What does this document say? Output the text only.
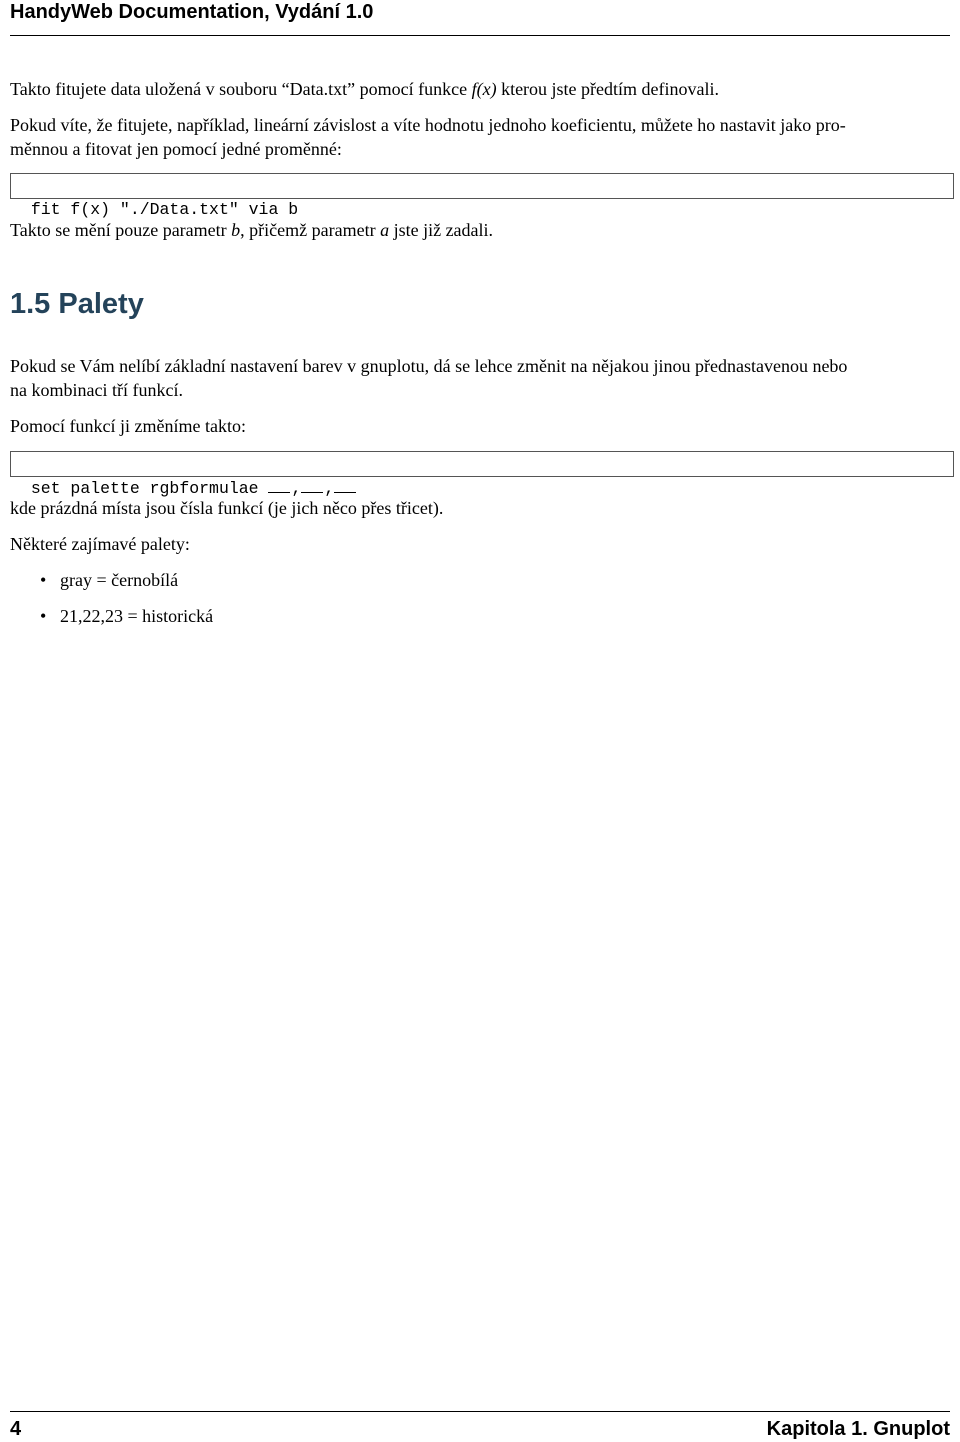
HandyWeb Documentation, Vydání 1.0
Takto fitujete data uložená v souboru “Data.txt” pomocí funkce f(x) kterou jste předtím definovali.
Pokud víte, že fitujete, například, lineární závislost a víte hodnotu jednoho koeficientu, můžete ho nastavit jako pro-
měnnou a fitovat jen pomocí jedné proměnné:

fit f(x) "./Data.txt" via b

Takto se mění pouze parametr b, přičemž parametr a jste již zadali.
1.5 Palety
Pokud se Vám nelíbí základní nastavení barev v gnuplotu, dá se lehce změnit na nějakou jinou přednastavenou nebo
na kombinaci tří funkcí.
Pomocí funkcí ji změníme takto:

set palette rgbformulae , ,

kde prázdná místa jsou čísla funkcí (je jich něco přes třicet).
Některé zajímavé palety:
• gray = černobílá
• 21,22,23 = historická
4	Kapitola 1. Gnuplot
